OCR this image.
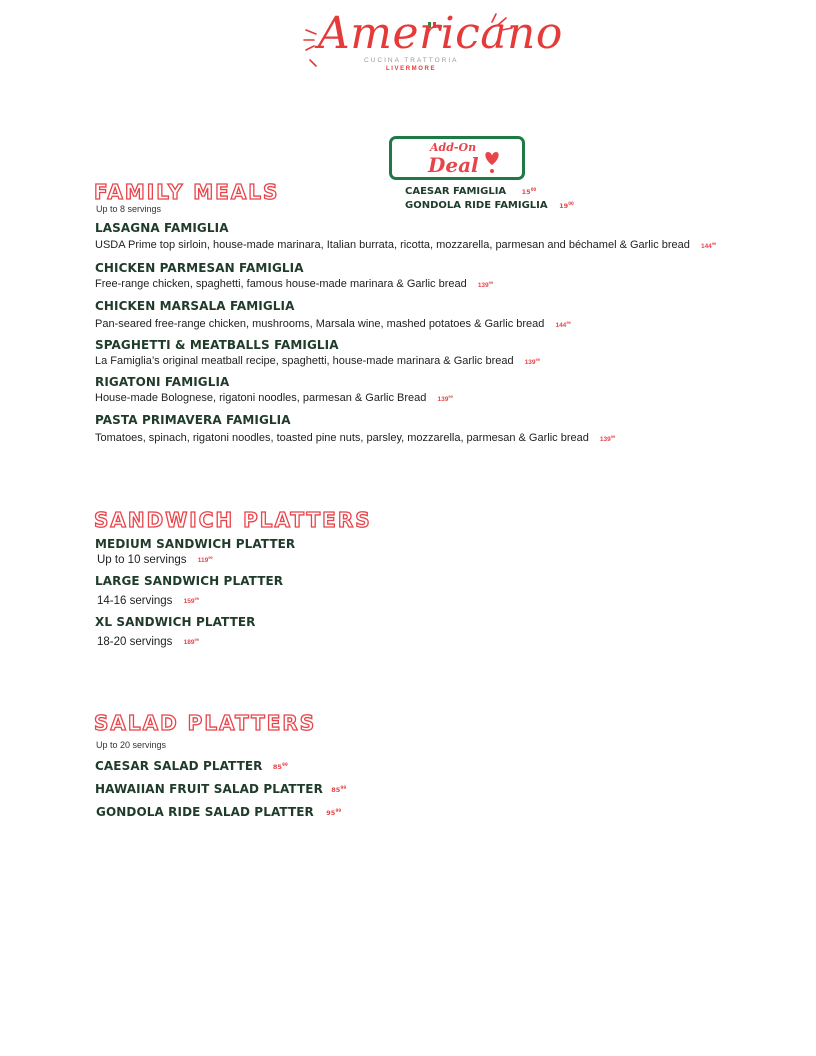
Americano
CUCINA TRATTORIA
LIVERMORE
Add-On
Deal
CAESAR FAMIGLIA $15^{00}$
GONDOLA RIDE FAMIGLIA $19^{00}$
FAMILY MEALS
Up to 8 servings
LASAGNA FAMIGLIA
USDA Prime top sirloin, house-made marinara, Italian burrata, ricotta, mozzarella, parmesan and béchamel & Garlic bread $144^{99}$
CHICKEN PARMESAN FAMIGLIA
Free-range chicken, spaghetti, famous house-made marinara & Garlic bread $139^{99}$
CHICKEN MARSALA FAMIGLIA
Pan-seared free-range chicken, mushrooms, Marsala wine, mashed potatoes & Garlic bread $144^{99}$
SPAGHETTI & MEATBALLS FAMIGLIA
La Famiglia’s original meatball recipe, spaghetti, house-made marinara & Garlic bread $139^{99}$
RIGATONI FAMIGLIA
House-made Bolognese, rigatoni noodles, parmesan & Garlic Bread $139^{99}$
PASTA PRIMAVERA FAMIGLIA
Tomatoes, spinach, rigatoni noodles, toasted pine nuts, parsley, mozzarella, parmesan & Garlic bread $139^{99}$
SANDWICH PLATTERS
MEDIUM SANDWICH PLATTER
Up to 10 servings $119^{99}$
LARGE SANDWICH PLATTER
14-16 servings $159^{99}$
XL SANDWICH PLATTER
18-20 servings $189^{99}$
SALAD PLATTERS
Up to 20 servings
CAESAR SALAD PLATTER $85^{99}$
HAWAIIAN FRUIT SALAD PLATTER $85^{99}$
GONDOLA RIDE SALAD PLATTER $95^{99}$
